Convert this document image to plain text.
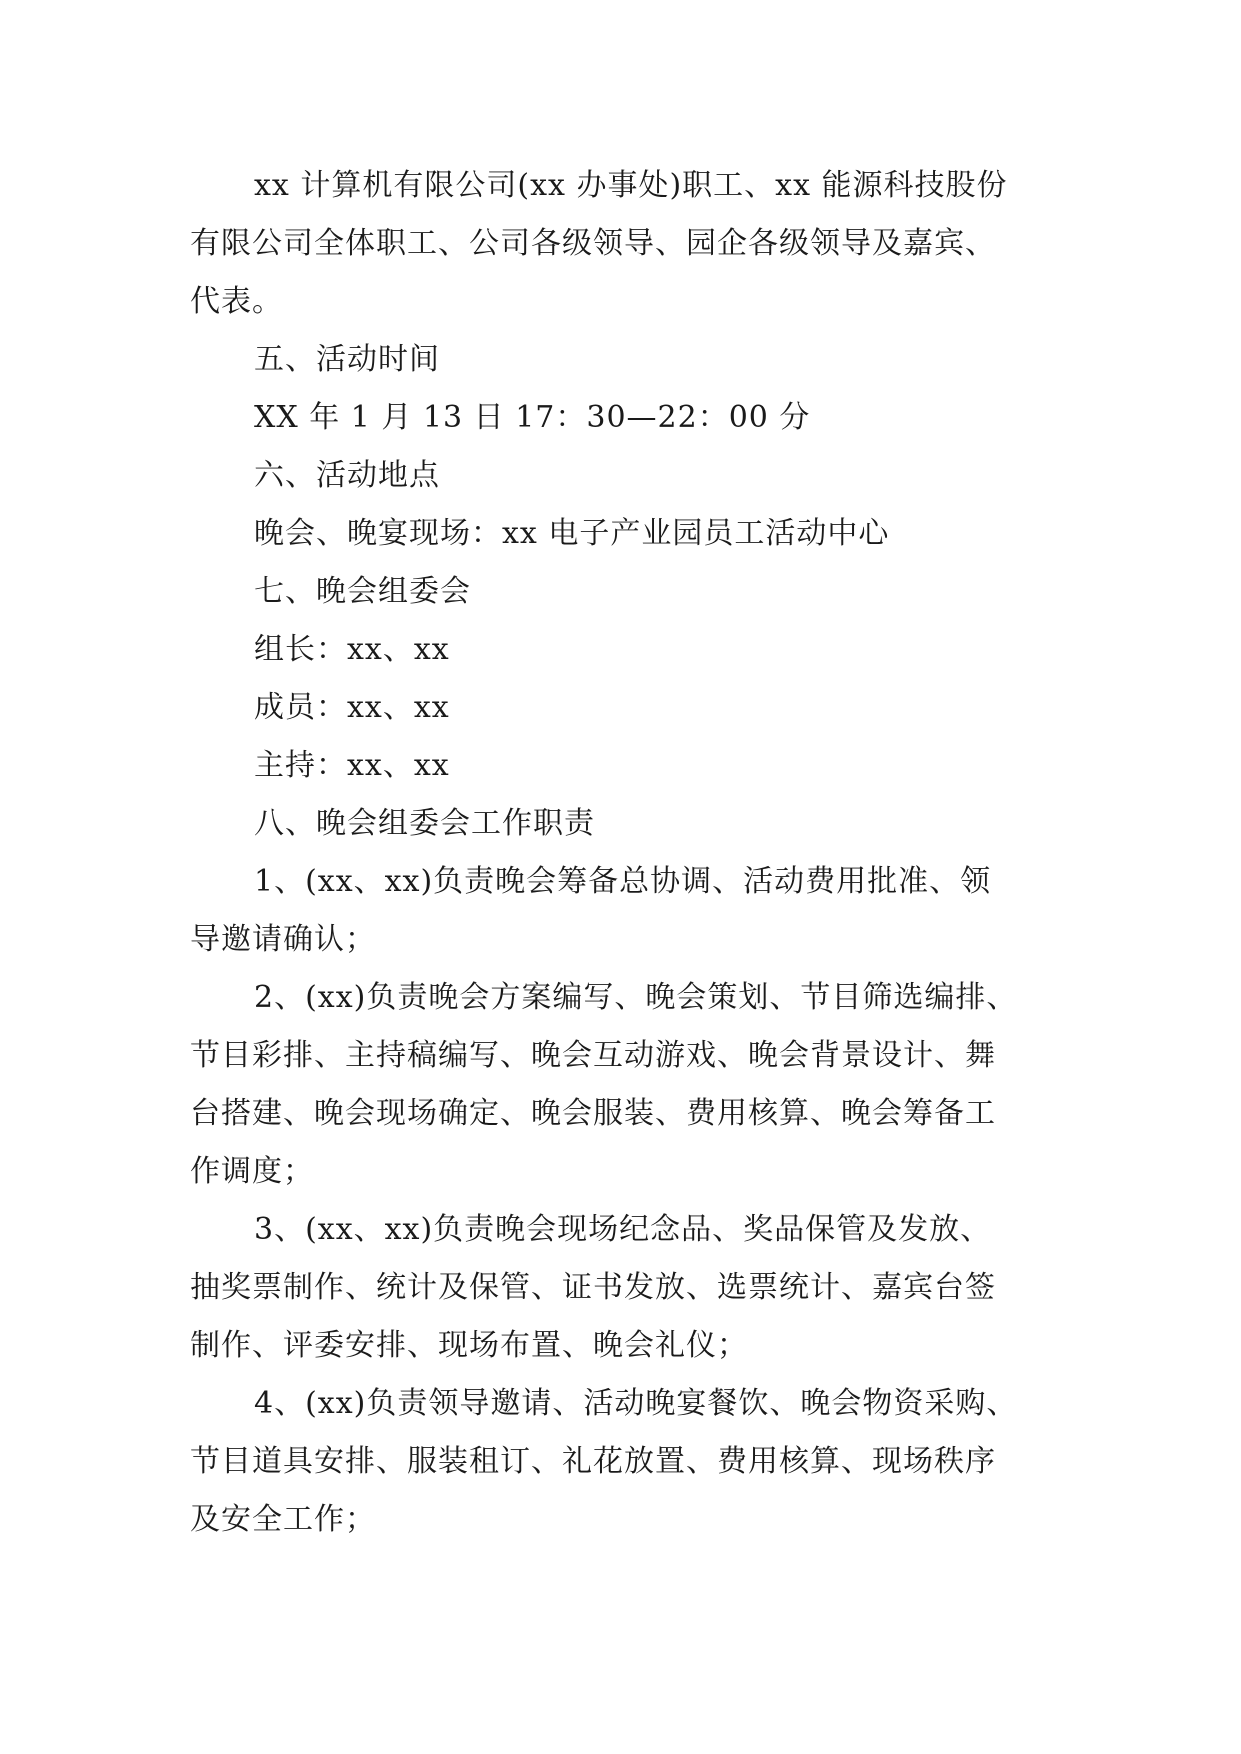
xx 计算机有限公司(xx 办事处)职工、xx 能源科技股份
有限公司全体职工、公司各级领导、园企各级领导及嘉宾、
代表。

五、活动时间

XX 年 1 月 13 日 17：30—22：00 分

六、活动地点

晚会、晚宴现场：xx 电子产业园员工活动中心

七、晚会组委会

组长：xx、xx

成员：xx、xx

主持：xx、xx

八、晚会组委会工作职责

1、(xx、xx)负责晚会筹备总协调、活动费用批准、领
导邀请确认；

2、(xx)负责晚会方案编写、晚会策划、节目筛选编排、
节目彩排、主持稿编写、晚会互动游戏、晚会背景设计、舞
台搭建、晚会现场确定、晚会服装、费用核算、晚会筹备工
作调度；

3、(xx、xx)负责晚会现场纪念品、奖品保管及发放、
抽奖票制作、统计及保管、证书发放、选票统计、嘉宾台签
制作、评委安排、现场布置、晚会礼仪；

4、(xx)负责领导邀请、活动晚宴餐饮、晚会物资采购、
节目道具安排、服装租订、礼花放置、费用核算、现场秩序
及安全工作；
